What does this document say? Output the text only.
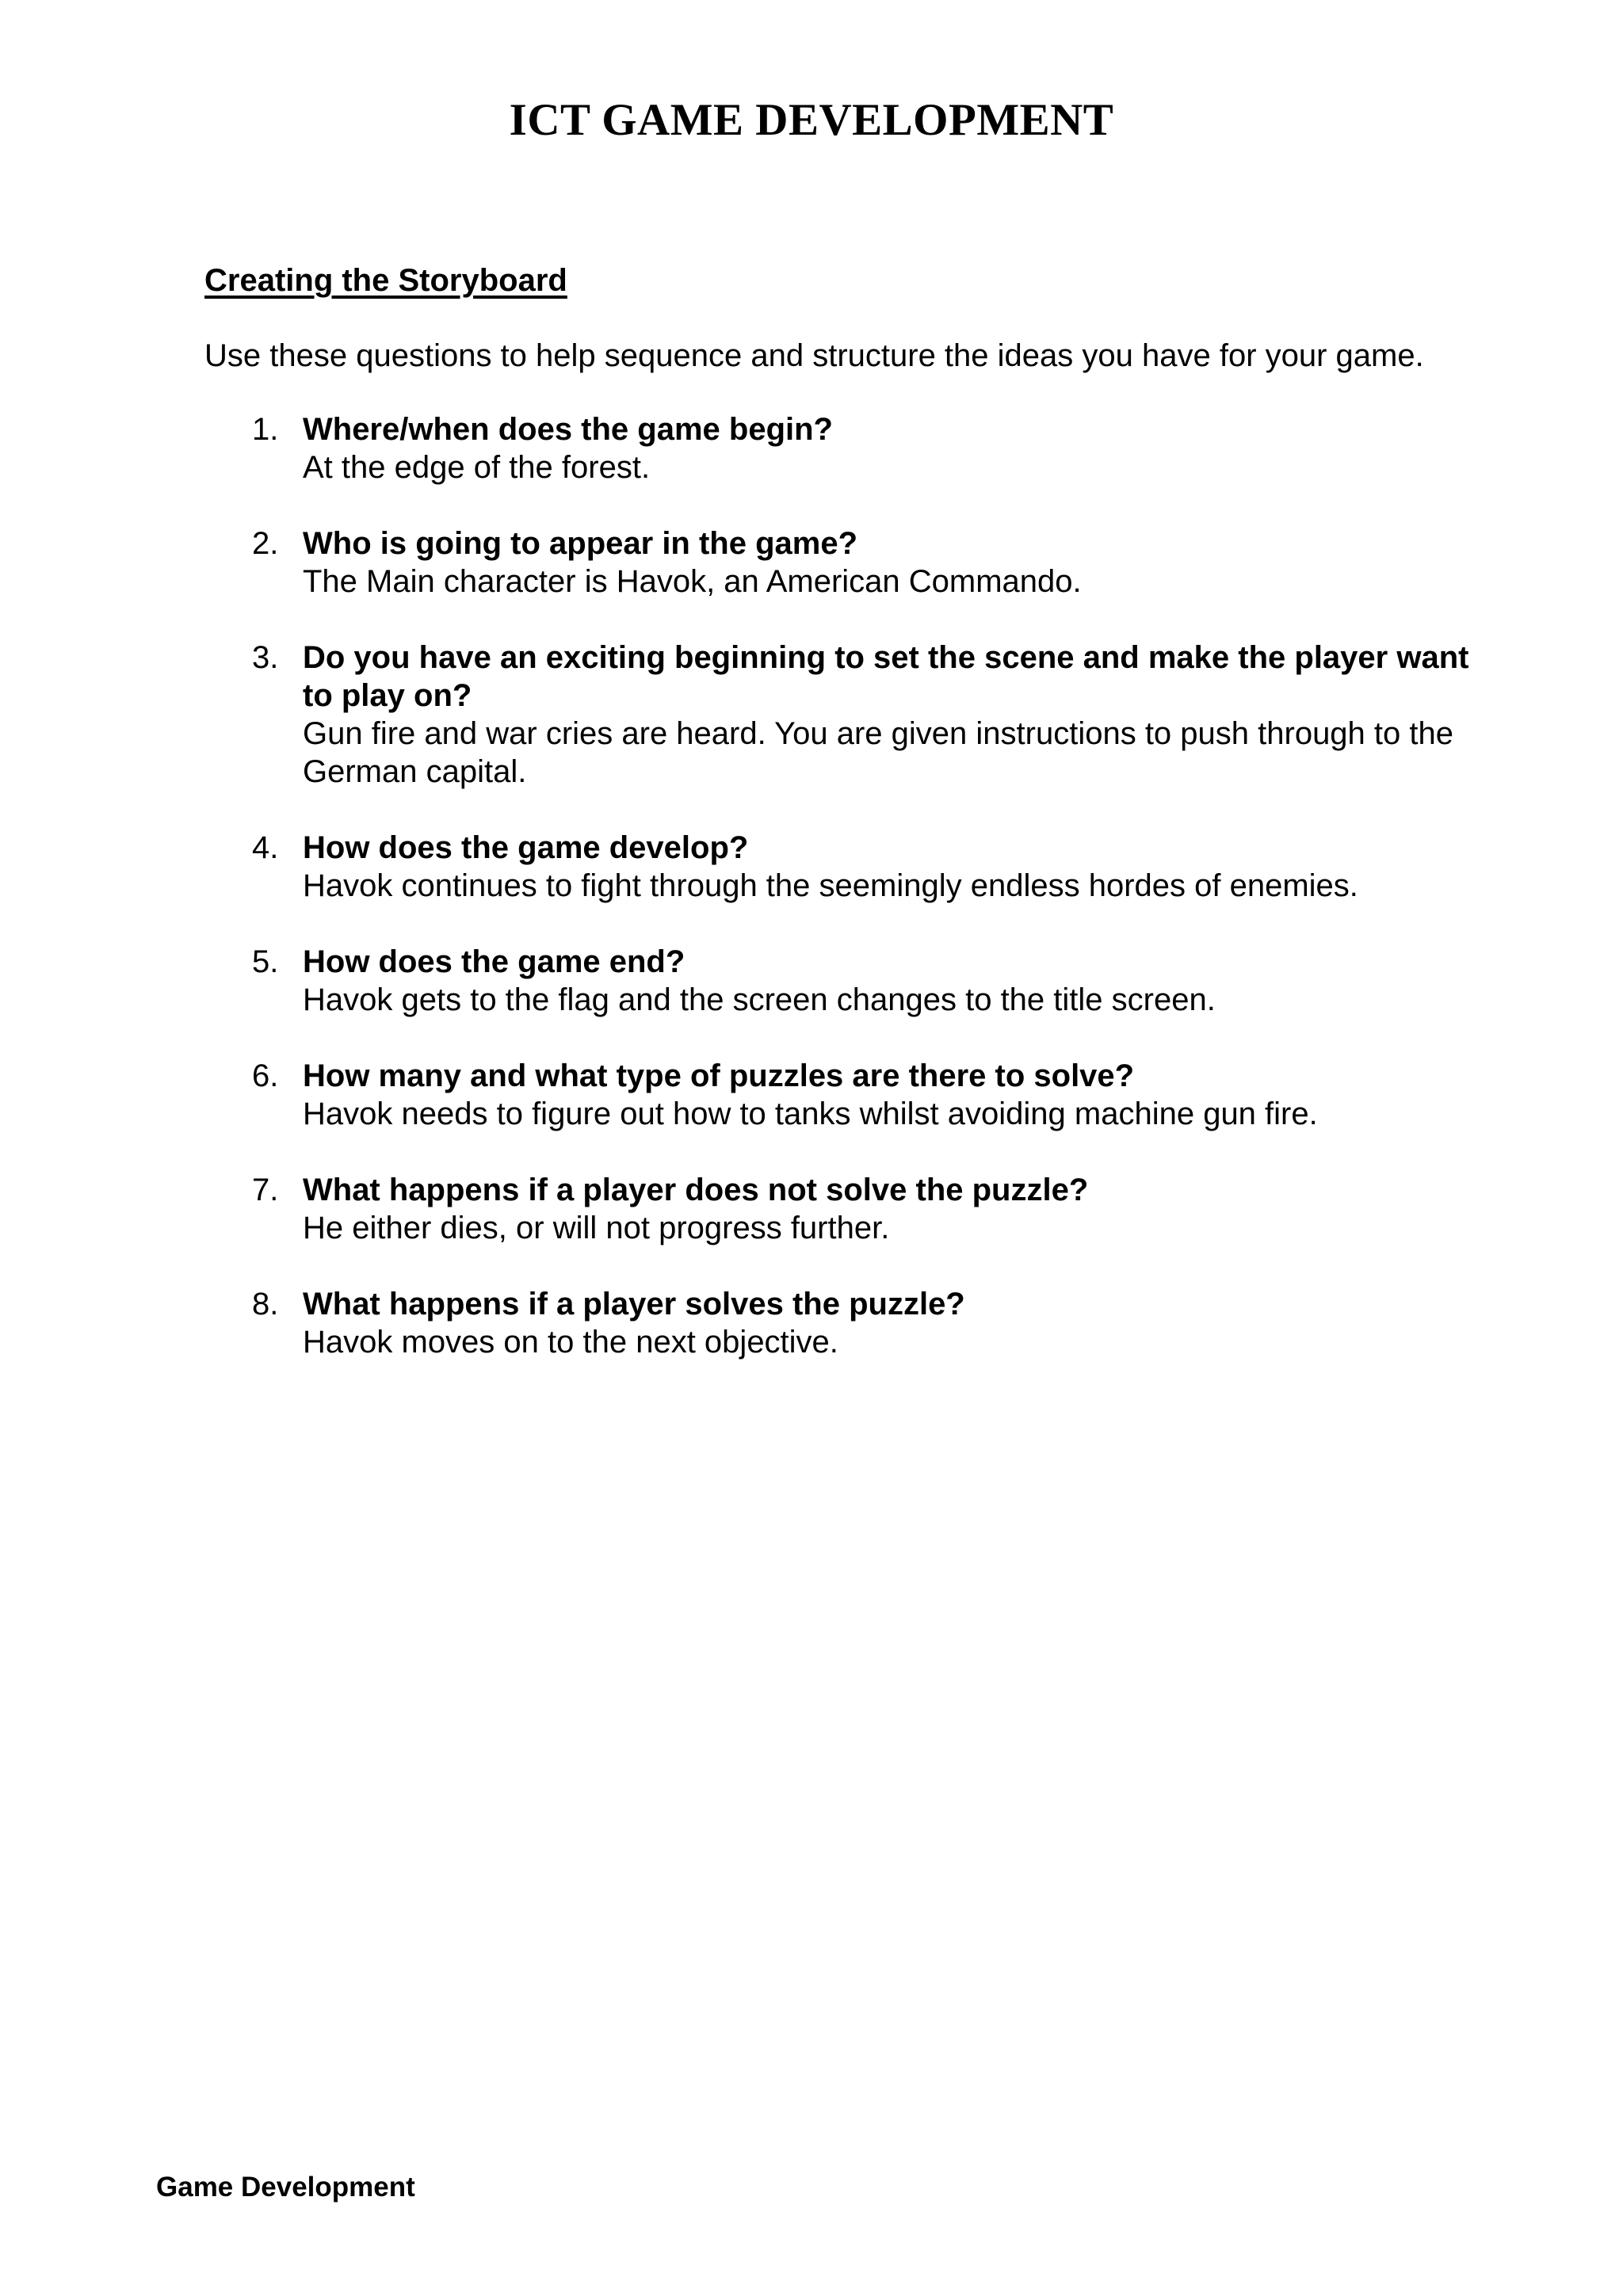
ICT GAME DEVELOPMENT
Creating the Storyboard

Use these questions to help sequence and structure the ideas you have for your game.

1. Where/when does the game begin?
At the edge of the forest.
2. Who is going to appear in the game?
The Main character is Havok, an American Commando.
3. Do you have an exciting beginning to set the scene and make the player want to play on?
Gun fire and war cries are heard. You are given instructions to push through to the German capital.
4. How does the game develop?
Havok continues to fight through the seemingly endless hordes of enemies.
5. How does the game end?
Havok gets to the flag and the screen changes to the title screen.
6. How many and what type of puzzles are there to solve?
Havok needs to figure out how to tanks whilst avoiding machine gun fire.
7. What happens if a player does not solve the puzzle?
He either dies, or will not progress further.
8. What happens if a player solves the puzzle?
Havok moves on to the next objective.

Game Development
